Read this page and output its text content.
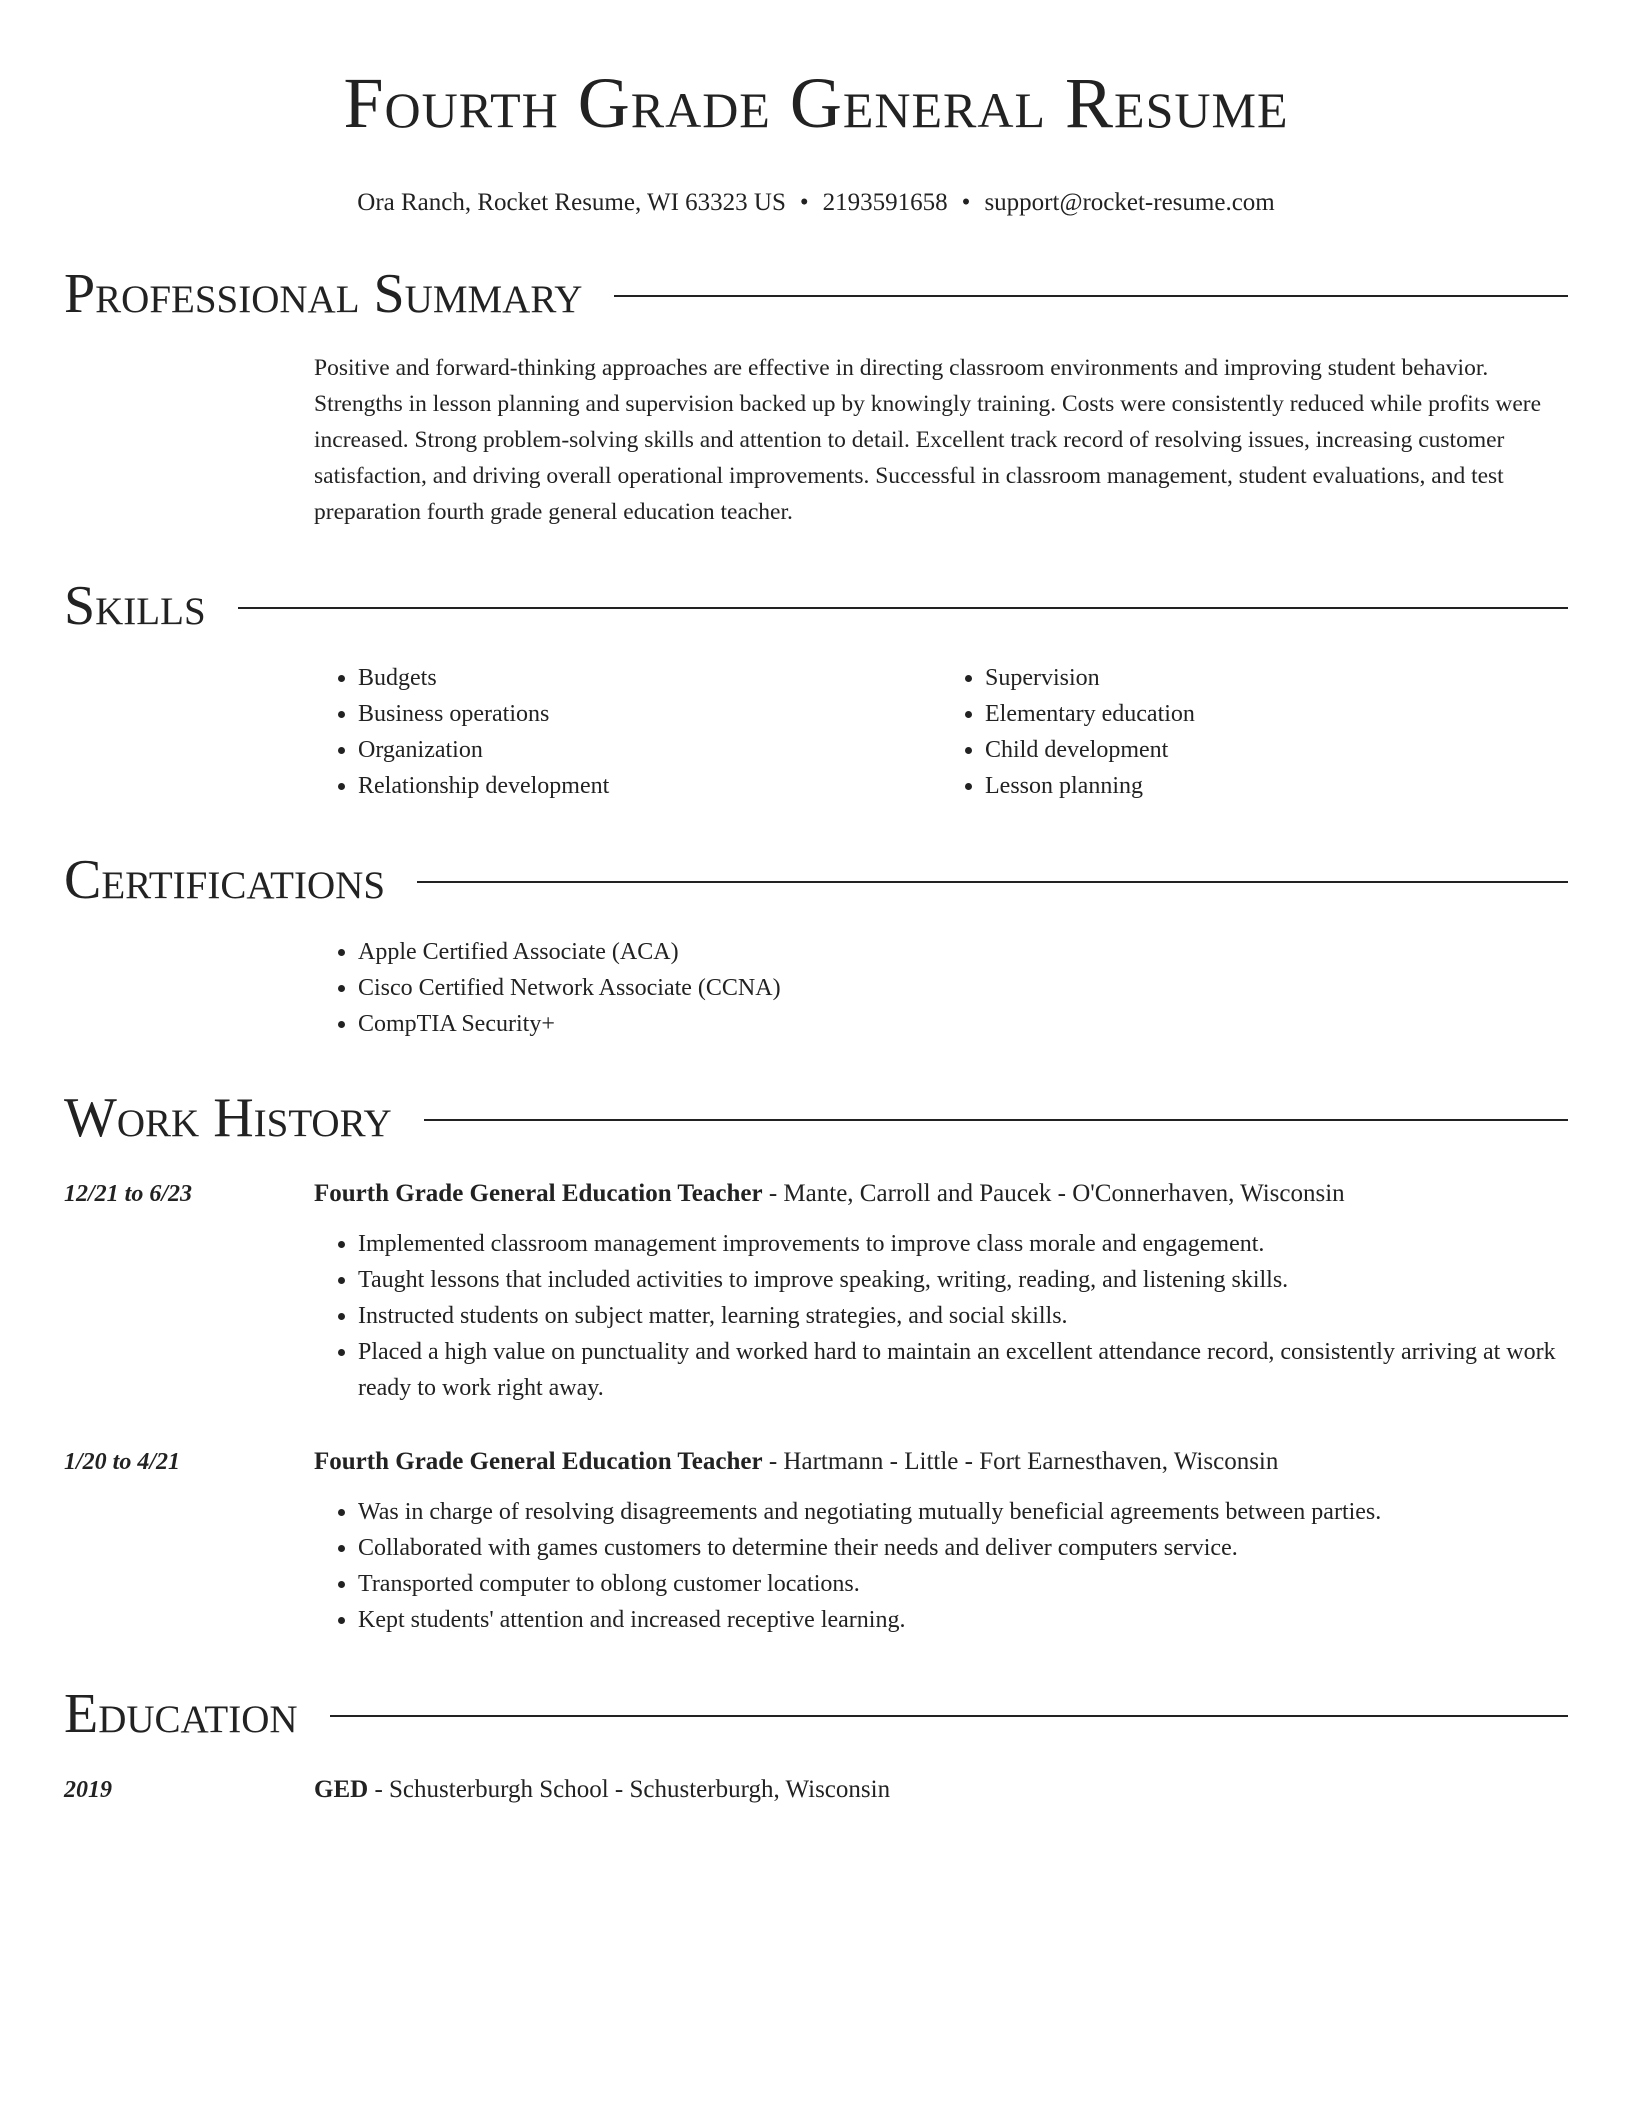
Fourth Grade General Resume
Ora Ranch, Rocket Resume, WI 63323 US • 2193591658 • support@rocket-resume.com
Professional Summary
Positive and forward-thinking approaches are effective in directing classroom environments and improving student behavior. Strengths in lesson planning and supervision backed up by knowingly training. Costs were consistently reduced while profits were increased. Strong problem-solving skills and attention to detail. Excellent track record of resolving issues, increasing customer satisfaction, and driving overall operational improvements. Successful in classroom management, student evaluations, and test preparation fourth grade general education teacher.
Skills
• Budgets
• Business operations
• Organization
• Relationship development
• Supervision
• Elementary education
• Child development
• Lesson planning
Certifications
• Apple Certified Associate (ACA)
• Cisco Certified Network Associate (CCNA)
• CompTIA Security+
Work History
12/21 to 6/23	Fourth Grade General Education Teacher - Mante, Carroll and Paucek - O'Connerhaven, Wisconsin
• Implemented classroom management improvements to improve class morale and engagement.
• Taught lessons that included activities to improve speaking, writing, reading, and listening skills.
• Instructed students on subject matter, learning strategies, and social skills.
• Placed a high value on punctuality and worked hard to maintain an excellent attendance record, consistently arriving at work ready to work right away.
1/20 to 4/21	Fourth Grade General Education Teacher - Hartmann - Little - Fort Earnesthaven, Wisconsin
• Was in charge of resolving disagreements and negotiating mutually beneficial agreements between parties.
• Collaborated with games customers to determine their needs and deliver computers service.
• Transported computer to oblong customer locations.
• Kept students' attention and increased receptive learning.
Education
2019	GED - Schusterburgh School - Schusterburgh, Wisconsin
